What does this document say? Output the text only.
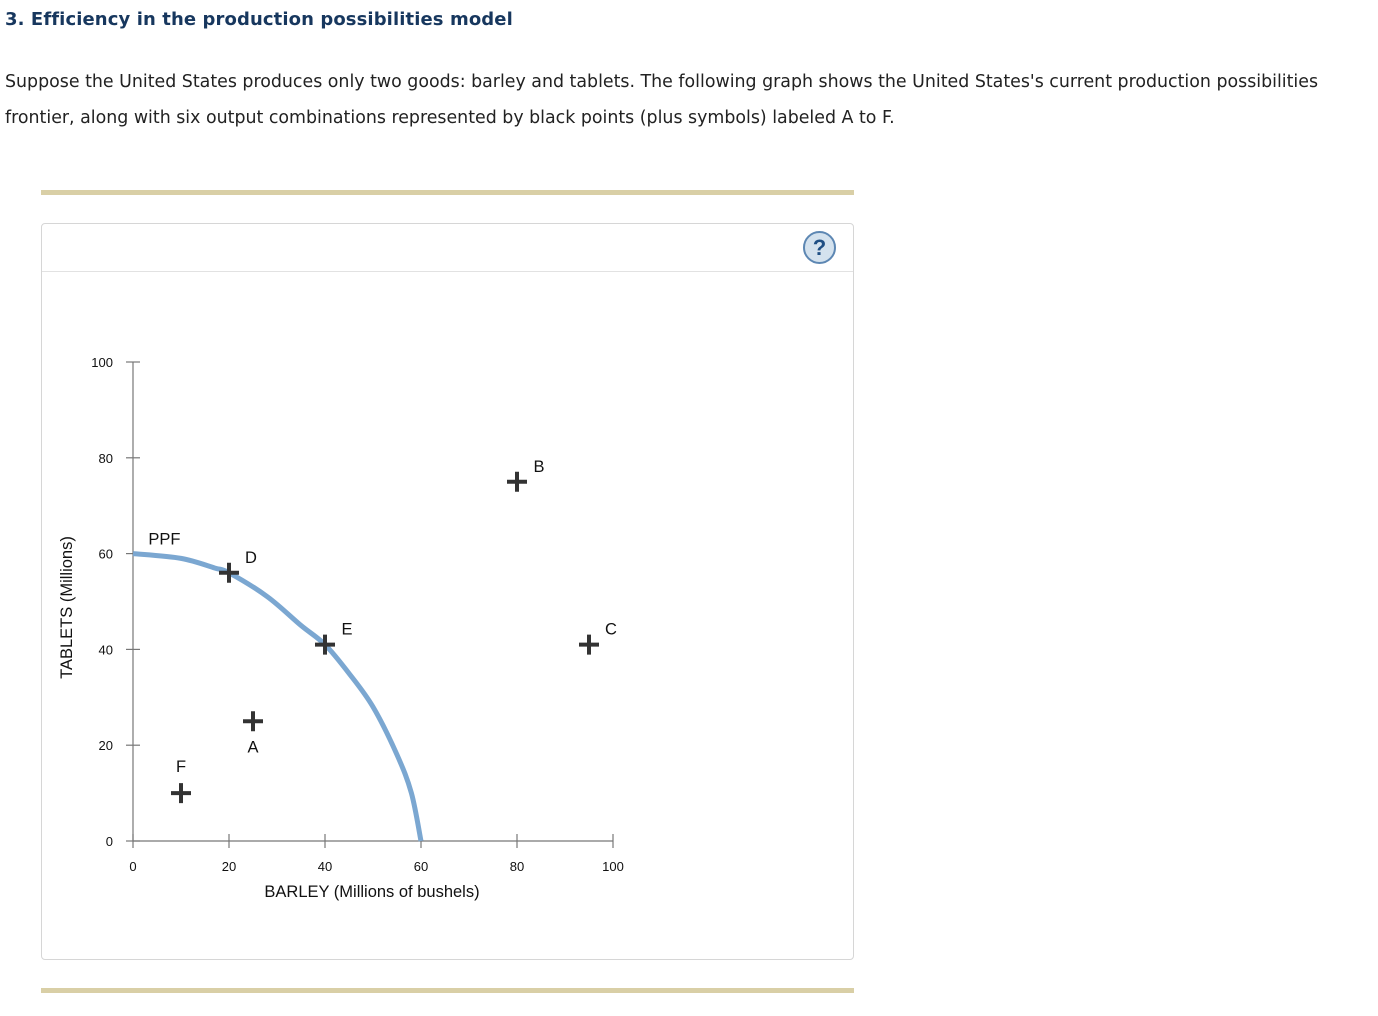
3. Efficiency in the production possibilities model

Suppose the United States produces only two goods: barley and tablets. The following graph shows the United States's current production possibilities frontier, along with six output combinations represented by black points (plus symbols) labeled A to F.

?
0
20
40
60
80
100
0	20	40	60	80	100
BARLEY (Millions of bushels)
TABLETS (Millions)	PPF
A
B
C
D
E
F
